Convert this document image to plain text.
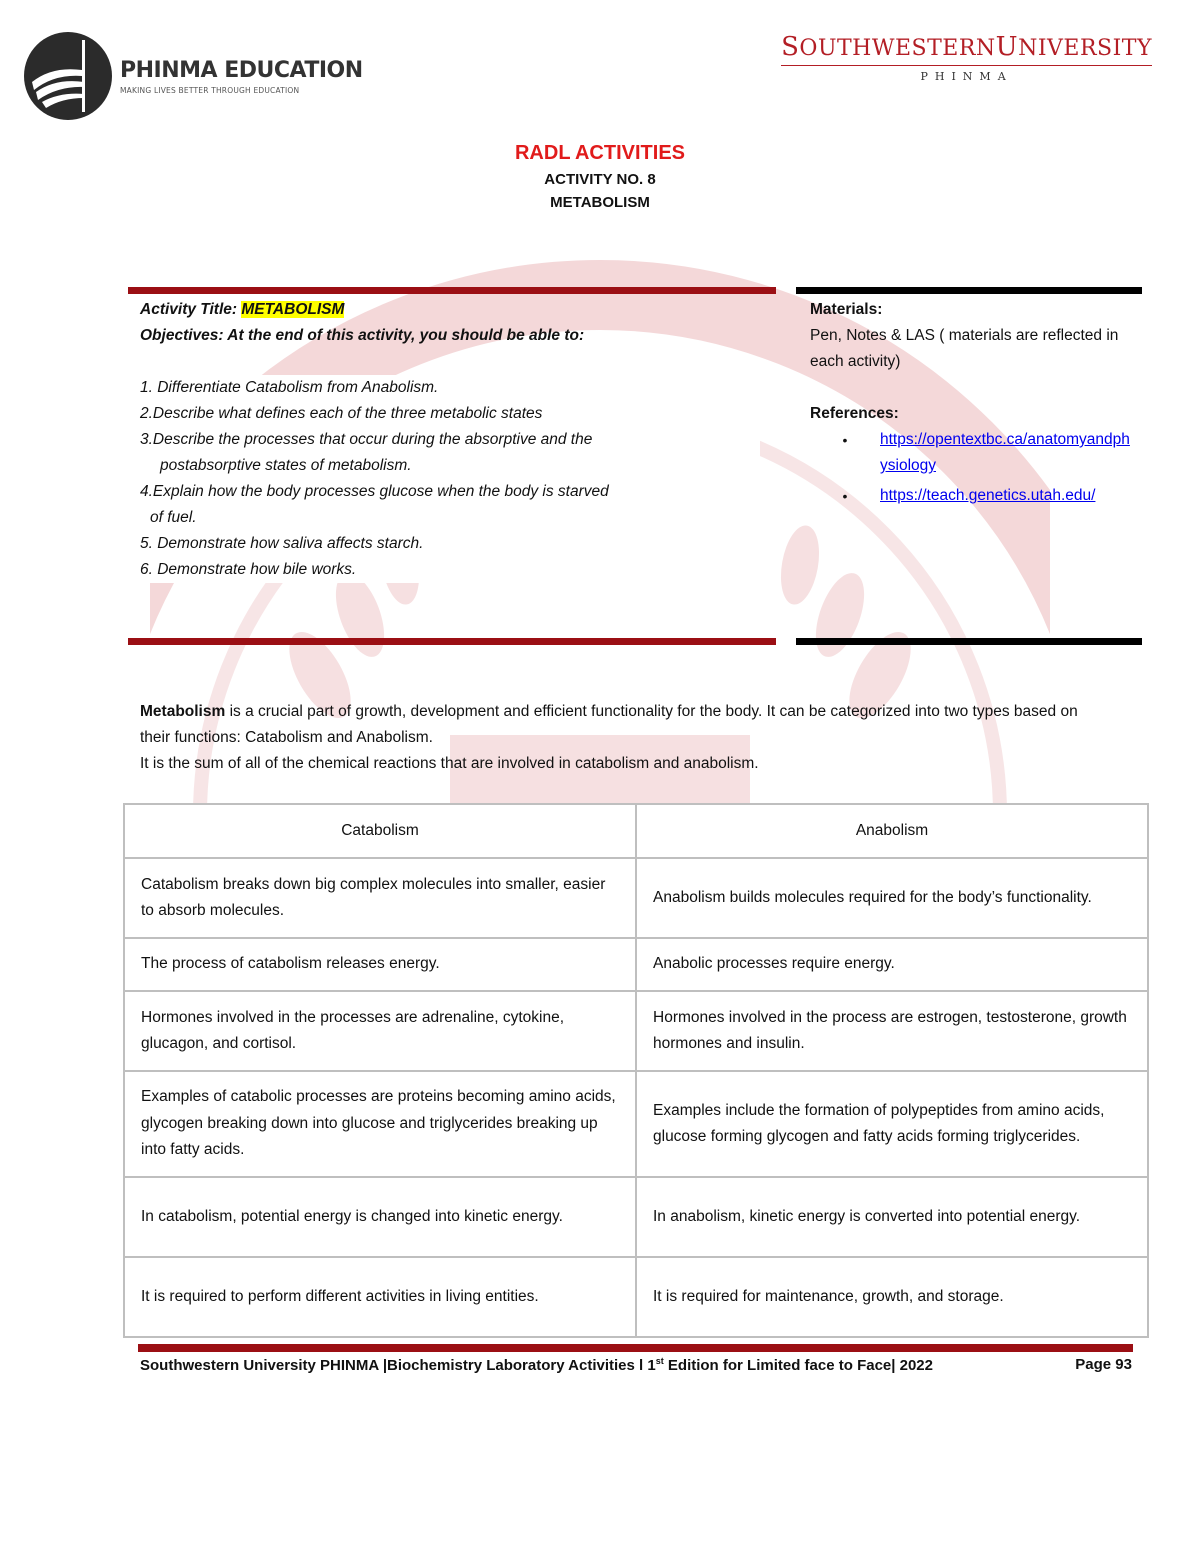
PHINMA EDUCATION
MAKING LIVES BETTER THROUGH EDUCATION
SOUTHWESTERNUNIVERSITY
PHINMA
RADL ACTIVITIES
ACTIVITY NO. 8
METABOLISM
Activity Title: METABOLISM
Objectives: At the end of this activity, you should be able to:
1. Differentiate Catabolism from Anabolism.
2.Describe what defines each of the three metabolic states
3.Describe the processes that occur during the absorptive and the
postabsorptive states of metabolism.
4.Explain how the body processes glucose when the body is starved
of fuel.
5. Demonstrate how saliva affects starch.
6. Demonstrate how bile works.
Materials:
Pen, Notes & LAS ( materials are reflected in each activity)
References:
•	https://opentextbc.ca/anatomyandphysiology
•	https://teach.genetics.utah.edu/
Metabolism is a crucial part of growth, development and efficient functionality for the body. It can be categorized into two types based on their functions: Catabolism and Anabolism.
It is the sum of all of the chemical reactions that are involved in catabolism and anabolism.
Catabolism	Anabolism
Catabolism breaks down big complex molecules into smaller, easier to absorb molecules.	Anabolism builds molecules required for the body’s functionality.
The process of catabolism releases energy.	Anabolic processes require energy.
Hormones involved in the processes are adrenaline, cytokine, glucagon, and cortisol.	Hormones involved in the process are estrogen, testosterone, growth hormones and insulin.
Examples of catabolic processes are proteins becoming amino acids, glycogen breaking down into glucose and triglycerides breaking up into fatty acids.	Examples include the formation of polypeptides from amino acids, glucose forming glycogen and fatty acids forming triglycerides.
In catabolism, potential energy is changed into kinetic energy.	In anabolism, kinetic energy is converted into potential energy.
It is required to perform different activities in living entities.	It is required for maintenance, growth, and storage.
Southwestern University PHINMA |Biochemistry Laboratory Activities l 1st Edition for Limited face to Face| 2022	Page 93
